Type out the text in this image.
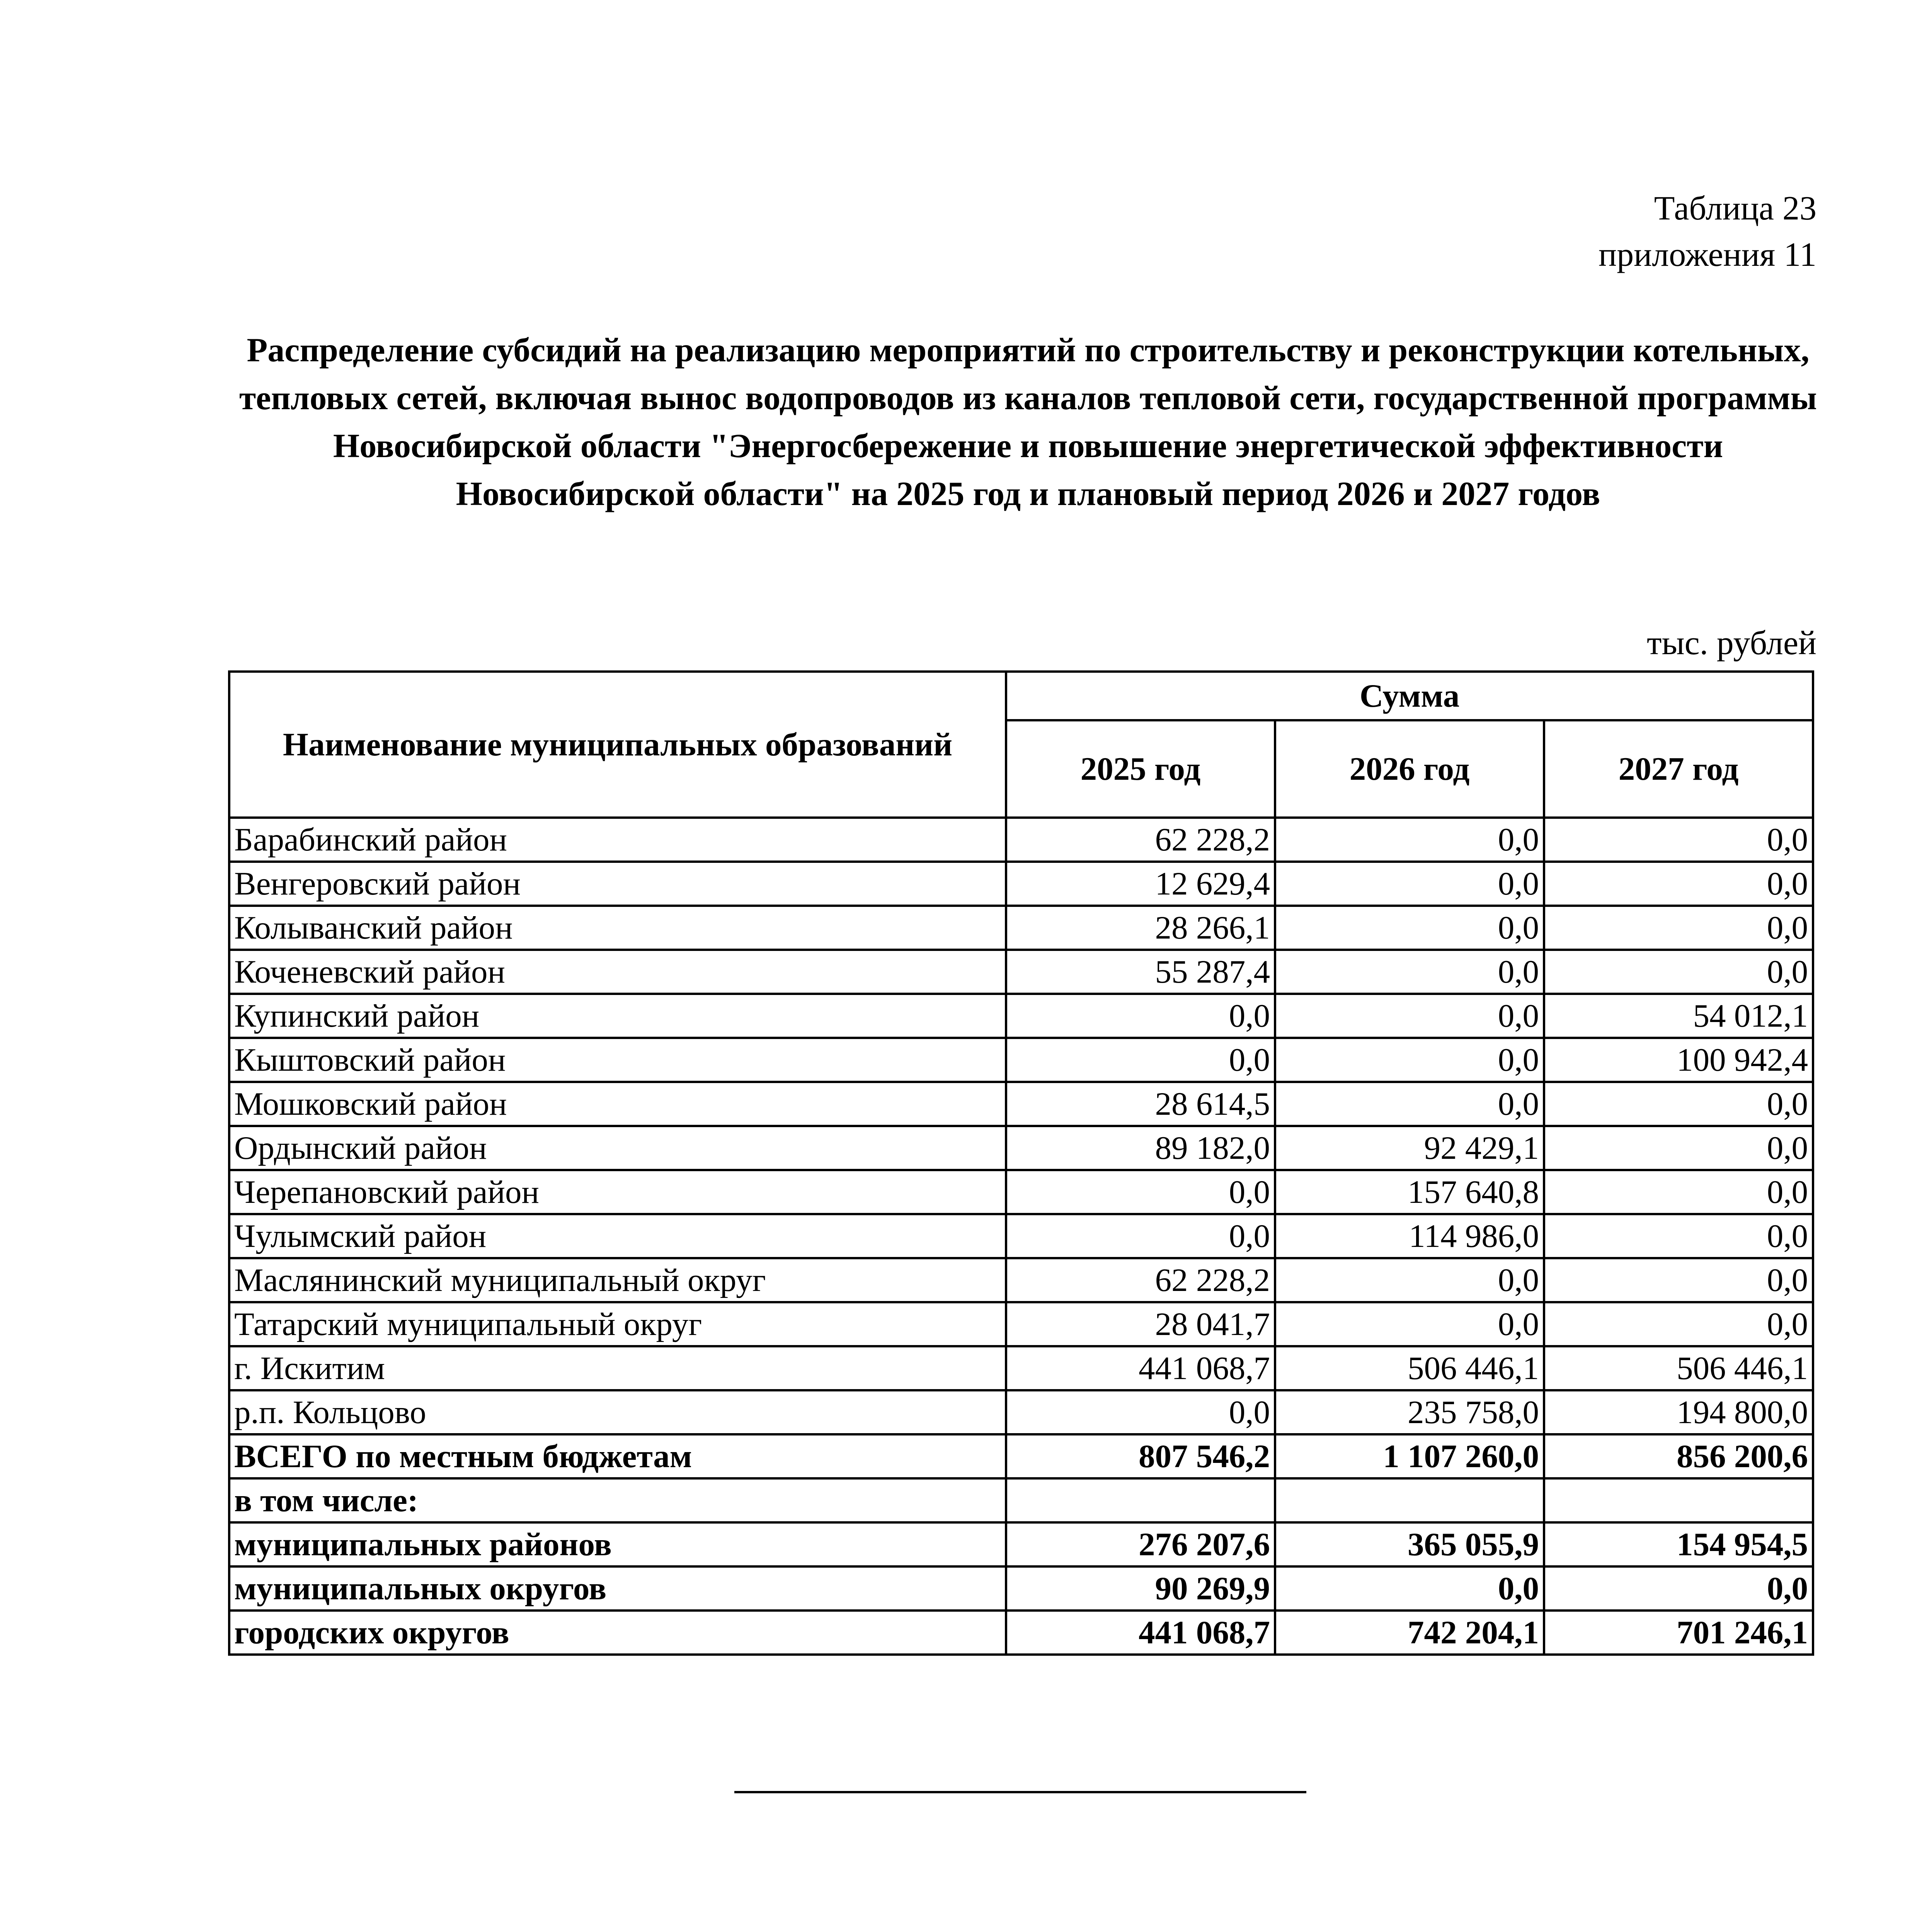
Таблица 23
приложения 11
Распределение субсидий на реализацию мероприятий по строительству и реконструкции котельных, тепловых сетей, включая вынос водопроводов из каналов тепловой сети, государственной программы Новосибирской области "Энергосбережение и повышение энергетической эффективности Новосибирской области" на 2025 год и плановый период 2026 и 2027 годов
тыс. рублей
Наименование муниципальных образований	Сумма		
	2025 год	2026 год	2027 год
Барабинский район	62 228,2	0,0	0,0
Венгеровский район	12 629,4	0,0	0,0
Колыванский район	28 266,1	0,0	0,0
Коченевский район	55 287,4	0,0	0,0
Купинский район	0,0	0,0	54 012,1
Кыштовский район	0,0	0,0	100 942,4
Мошковский район	28 614,5	0,0	0,0
Ордынский район	89 182,0	92 429,1	0,0
Черепановский район	0,0	157 640,8	0,0
Чулымский район	0,0	114 986,0	0,0
Маслянинский муниципальный округ	62 228,2	0,0	0,0
Татарский муниципальный округ	28 041,7	0,0	0,0
г. Искитим	441 068,7	506 446,1	506 446,1
р.п. Кольцово	0,0	235 758,0	194 800,0
ВСЕГО по местным бюджетам	807 546,2	1 107 260,0	856 200,6
в том числе:			
муниципальных районов	276 207,6	365 055,9	154 954,5
муниципальных округов	90 269,9	0,0	0,0
городских округов	441 068,7	742 204,1	701 246,1
